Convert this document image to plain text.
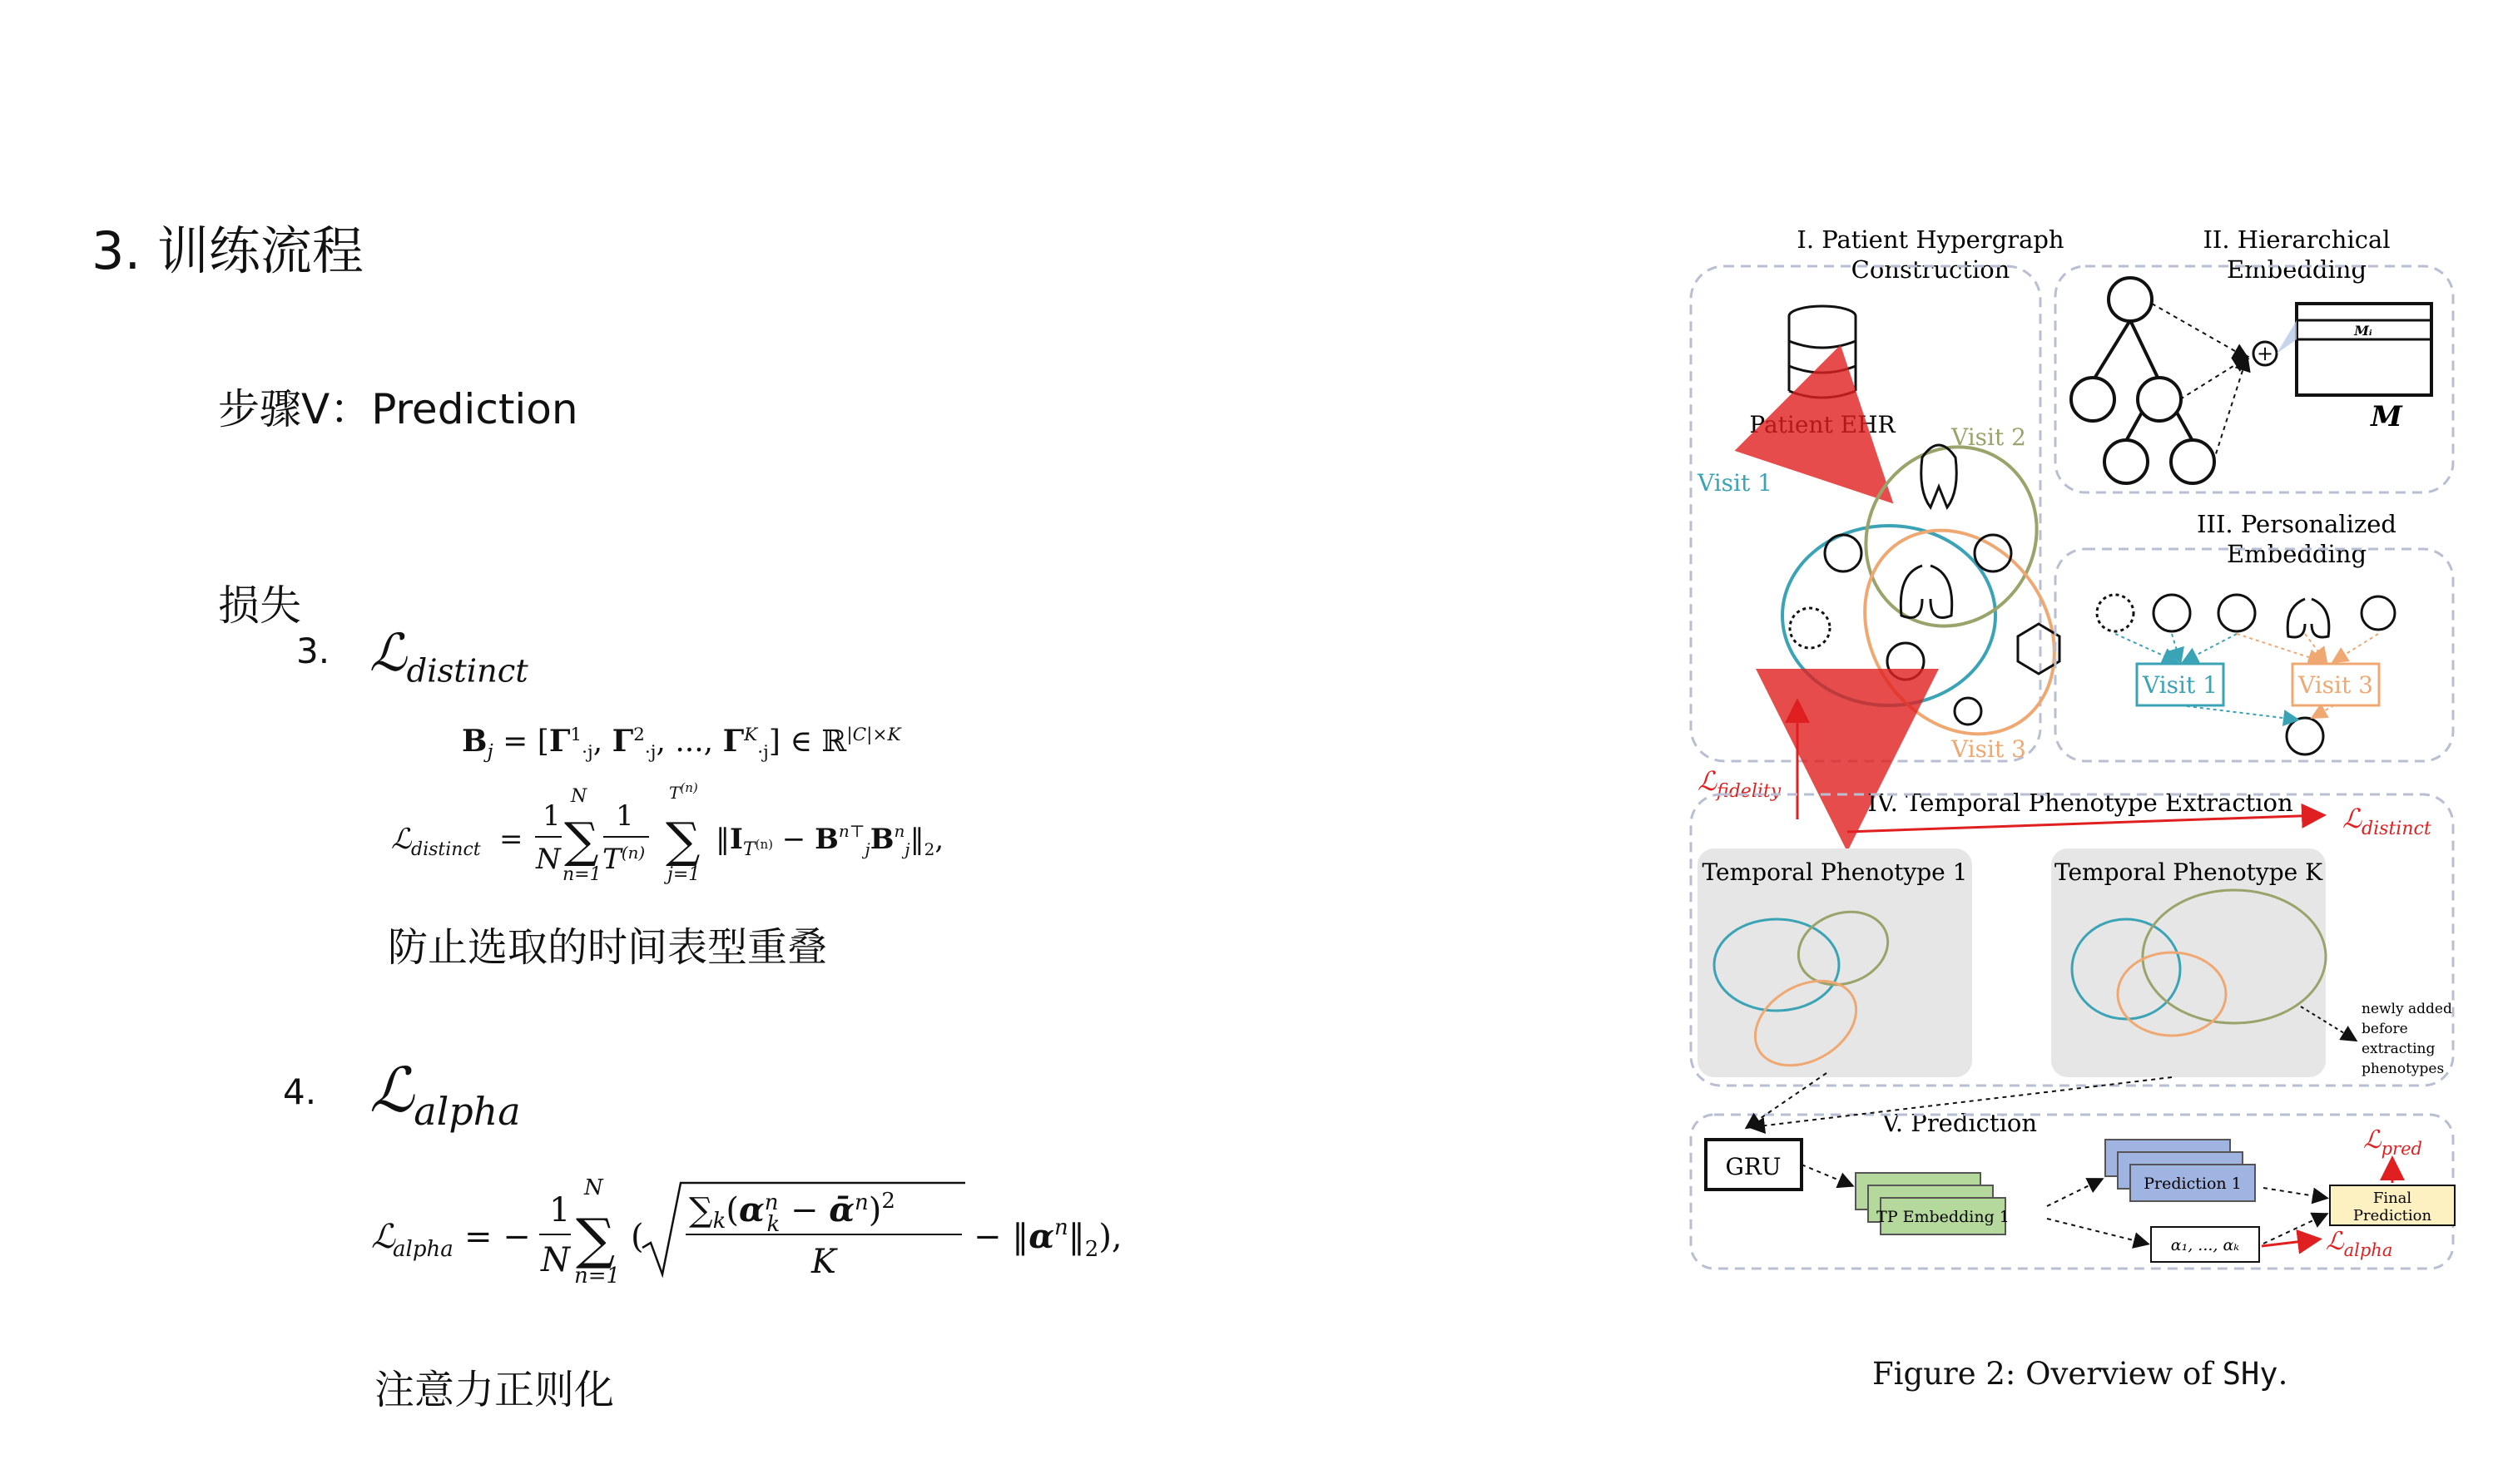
3. 训练流程
步骤V：Prediction
损失
3. ℒ$_{distinct}$
$B_j = [\Gamma^1_{\cdot j}$, $\Gamma^2_{\cdot j}$, ..., $\Gamma^K_{\cdot j}$] ∈ ℝ$^{|C|\times K}$
ℒ distinct =
1
N
N
∑
n=1
1
$T^{(n)}$
$T^{(n)}$
∑
j=1
$‖I_T^{(n)}$ − $B^{n⊤}_jB^n_j‖_2$,
防止选取的时间表型重叠
4. ℒ$_{alpha}$
ℒ
alpha = −
1
N
N
∑
n=1
(
$\sum_k(\alpha^n$ k − ᾱ$^n$)$^2$
K
− $‖\alpha^n‖_2$),
注意力正则化
I. Patient Hypergraph
Construction
Patient EHR
Visit 1
Visit 2
Visit 3
II. Hierarchical
Embedding
+
Mᵢ
M
III. Personalized
Embedding
Visit 1	Visit 3
ℒ$_{fidelity}$	IV. Temporal Phenotype Extraction ℒ$_{distinct}$
Temporal Phenotype 1	Temporal Phenotype K
newly added
before
extracting
phenotypes
V. Prediction
GRU
TP Embedding 1
Prediction 1
α₁, ..., αₖ
Final
Prediction
ℒ$_{pred}$
ℒ$_{alpha}$
Figure 2: Overview of SHy.
